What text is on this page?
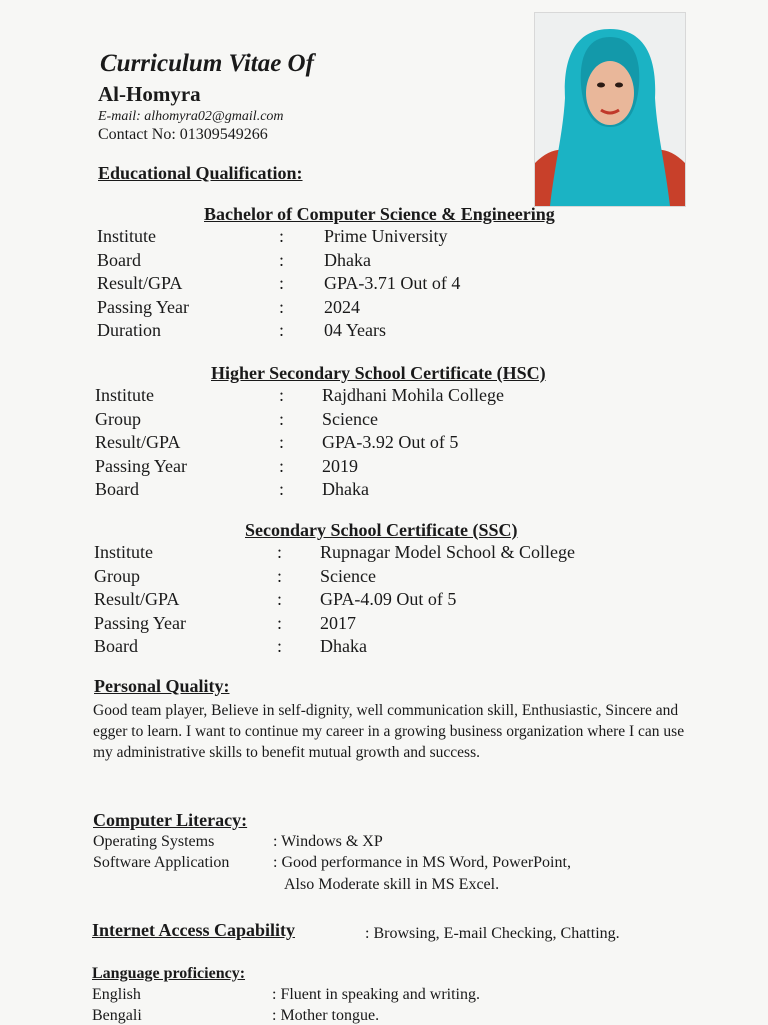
Curriculum Vitae Of
Al-Homyra
E-mail: alhomyra02@gmail.com
Contact No: 01309549266
Educational Qualification:
Bachelor of Computer Science & Engineering
Institute	: Prime University
Board	: Dhaka
Result/GPA	: GPA-3.71 Out of 4
Passing Year	: 2024
Duration	: 04 Years
Higher Secondary School Certificate (HSC)
Institute	: Rajdhani Mohila College
Group	: Science
Result/GPA	: GPA-3.92 Out of 5
Passing Year	: 2019
Board	: Dhaka
Secondary School Certificate (SSC)
Institute	: Rupnagar Model School & College
Group	: Science
Result/GPA	: GPA-4.09 Out of 5
Passing Year	: 2017
Board	: Dhaka
Personal Quality:
Good team player, Believe in self-dignity, well communication skill, Enthusiastic, Sincere and egger to learn. I want to continue my career in a growing business organization where I can use my administrative skills to benefit mutual growth and success.
Computer Literacy:
Operating Systems	: Windows & XP
Software Application	: Good performance in MS Word, PowerPoint,
Also Moderate skill in MS Excel.
Internet Access Capability	: Browsing, E-mail Checking, Chatting.
Language proficiency:
English	: Fluent in speaking and writing.
Bengali	: Mother tongue.
